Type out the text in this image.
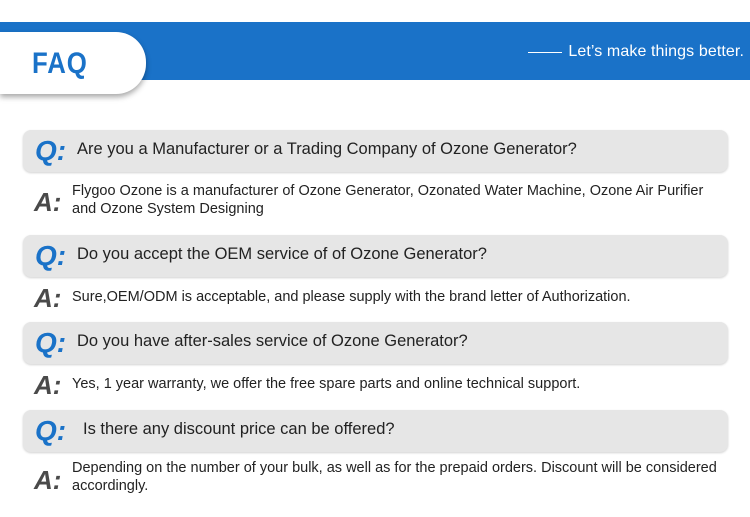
Let’s make things better.
FAQ
Q: Are you a Manufacturer or a Trading Company of Ozone Generator?
A: Flygoo Ozone is a manufacturer of Ozone Generator, Ozonated Water Machine, Ozone Air Purifier and Ozone System Designing
Q: Do you accept the OEM service of of Ozone Generator?
A: Sure,OEM/ODM is acceptable, and please supply with the brand letter of Authorization.
Q: Do you have after-sales service of Ozone Generator?
A: Yes, 1 year warranty, we offer the free spare parts and online technical support.
Q: Is there any discount price can be offered?
A: Depending on the number of your bulk, as well as for the prepaid orders. Discount will be considered accordingly.
